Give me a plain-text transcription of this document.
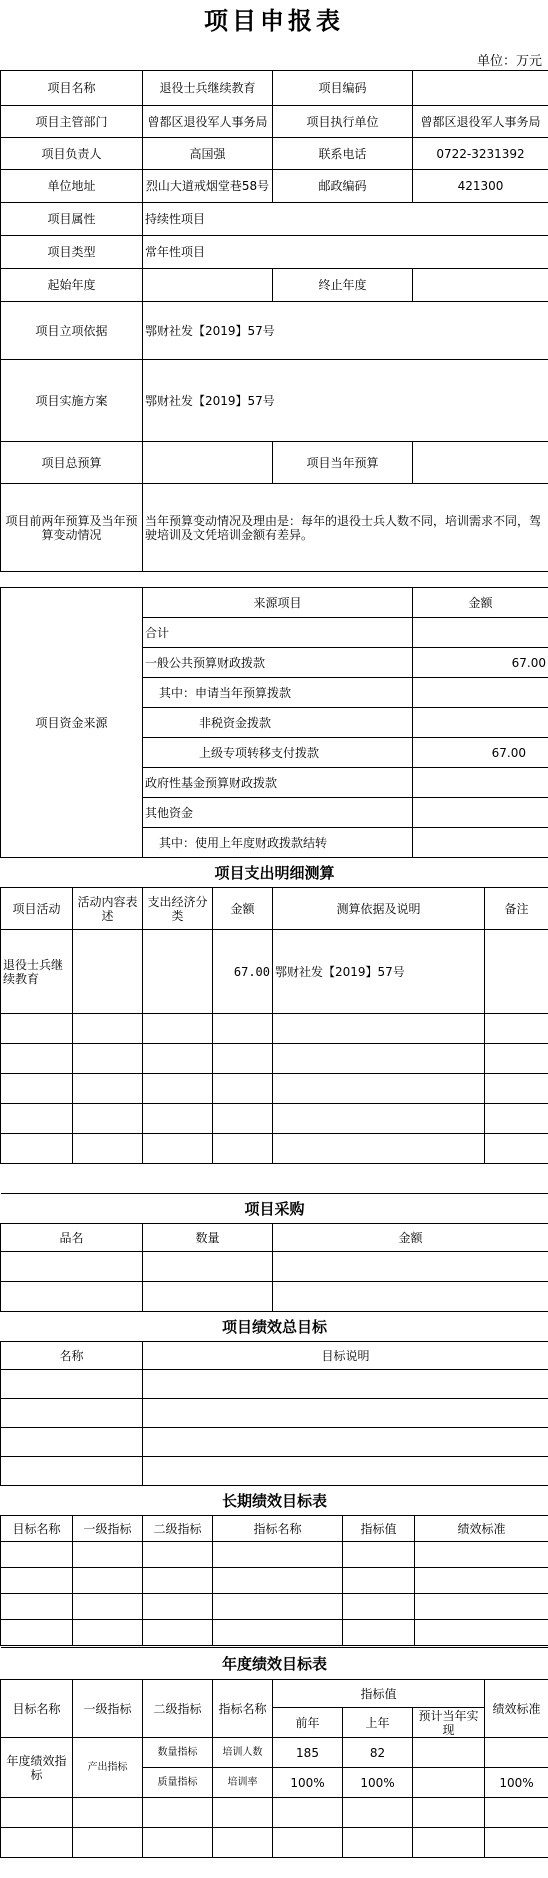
项目申报表
单位：万元
项目名称	退役士兵继续教育	项目编码	
项目主管部门	曾都区退役军人事务局	项目执行单位	曾都区退役军人事务局
项目负责人	高国强	联系电话	0722-3231392
单位地址	烈山大道戒烟堂巷58号	邮政编码	421300
项目属性	持续性项目		
项目类型	常年性项目		
起始年度		终止年度	
项目立项依据	鄂财社发【2019】57号		
项目实施方案	鄂财社发【2019】57号		
项目总预算		项目当年预算	
项目前两年预算及当年预算变动情况	当年预算变动情况及理由是：每年的退役士兵人数不同，培训需求不同，驾驶培训及文凭培训金额有差异。		
项目资金来源	来源项目	金额
	合计	
	一般公共预算财政拨款	67.00
	其中：申请当年预算拨款	
	非税资金拨款	
	上级专项转移支付拨款	67.00
	政府性基金预算财政拨款	
	其他资金	
	其中：使用上年度财政拨款结转	
项目支出明细测算					
项目活动	活动内容表述	支出经济分类	金额	测算依据及说明	备注
退役士兵继续教育			67.00	鄂财社发【2019】57号	

项目采购		
品名	数量	金额

项目绩效总目标	
名称	目标说明

长期绩效目标表					
目标名称	一级指标	二级指标	指标名称	指标值	绩效标准

年度绩效目标表							
目标名称	一级指标	二级指标	指标名称	指标值			绩效标准
				前年	上年	预计当年实现	
年度绩效指 标	产出指标	数量指标	培训人数	185	82		
		质量指标	培训率	100%	100%		100%
